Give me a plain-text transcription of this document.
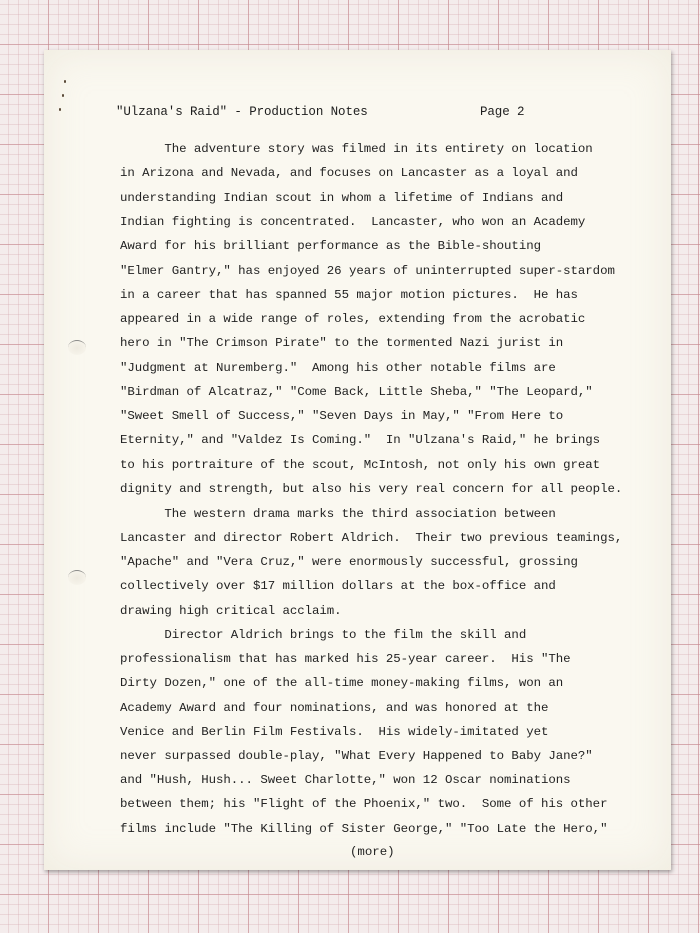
"Ulzana's Raid" - Production Notes	Page 2
The adventure story was filmed in its entirety on location
in Arizona and Nevada, and focuses on Lancaster as a loyal and
understanding Indian scout in whom a lifetime of Indians and
Indian fighting is concentrated.  Lancaster, who won an Academy
Award for his brilliant performance as the Bible-shouting
"Elmer Gantry," has enjoyed 26 years of uninterrupted super-stardom
in a career that has spanned 55 major motion pictures.  He has
appeared in a wide range of roles, extending from the acrobatic
hero in "The Crimson Pirate" to the tormented Nazi jurist in
"Judgment at Nuremberg."  Among his other notable films are
"Birdman of Alcatraz," "Come Back, Little Sheba," "The Leopard,"
"Sweet Smell of Success," "Seven Days in May," "From Here to
Eternity," and "Valdez Is Coming."  In "Ulzana's Raid," he brings
to his portraiture of the scout, McIntosh, not only his own great
dignity and strength, but also his very real concern for all people.
The western drama marks the third association between
Lancaster and director Robert Aldrich.  Their two previous teamings,
"Apache" and "Vera Cruz," were enormously successful, grossing
collectively over $17 million dollars at the box-office and
drawing high critical acclaim.
Director Aldrich brings to the film the skill and
professionalism that has marked his 25-year career.  His "The
Dirty Dozen," one of the all-time money-making films, won an
Academy Award and four nominations, and was honored at the
Venice and Berlin Film Festivals.  His widely-imitated yet
never surpassed double-play, "What Every Happened to Baby Jane?"
and "Hush, Hush... Sweet Charlotte," won 12 Oscar nominations
between them; his "Flight of the Phoenix," two.  Some of his other
films include "The Killing of Sister George," "Too Late the Hero,"
(more)
